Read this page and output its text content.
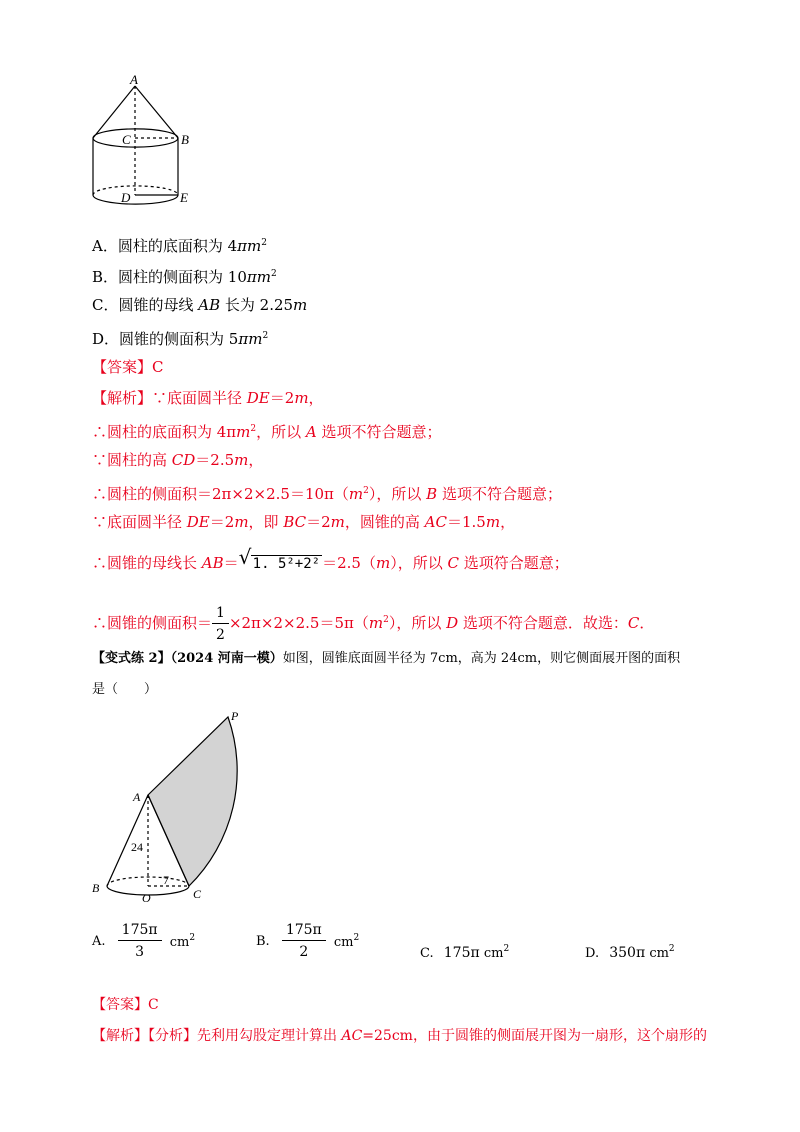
A
C	B
D	E
A．圆柱的底面积为 $4\pi m^2$
B．圆柱的侧面积为 $10\pi m^2$
C．圆锥的母线 AB 长为 2.25m
D．圆锥的侧面积为 $5\pi m^2$
【答案】C
【解析】∵底面圆半径 DE＝2m，
∴圆柱的底面积为 $4\pi m^2$，所以 A 选项不符合题意；
∵圆柱的高 CD＝2.5m，
∴圆柱的侧面积$=2\pi\times 2\times 2.5=10\pi(m^2)$，所以 B 选项不符合题意；
∵底面圆半径 DE＝2m，即 BC＝2m，圆锥的高 AC＝1.5m，
∴圆锥的母线长 AB＝ √ 1. 5²+2² ＝2.5（m），所以 C 选项符合题意；
∴圆锥的侧面积＝ $\frac{1}{2} \times 2\pi\times 2\times 2.5=5\pi(m^2)$，所以 D 选项不符合题意．故选：C．
【变式练 2】（2024 河南一模）如图，圆锥底面圆半径为 7cm，高为 24cm，则它侧面展开图的面积
是（　　）
P
A
B
O	C
24
7
A. $\frac{175\pi}{3} cm^2$	B. $\frac{175\pi}{2} cm^2$
C. 175π $cm^2$	D. 350π $cm^2$
【答案】C
【解析】【分析】先利用勾股定理计算出 AC=25cm，由于圆锥的侧面展开图为一扇形，这个扇形的
